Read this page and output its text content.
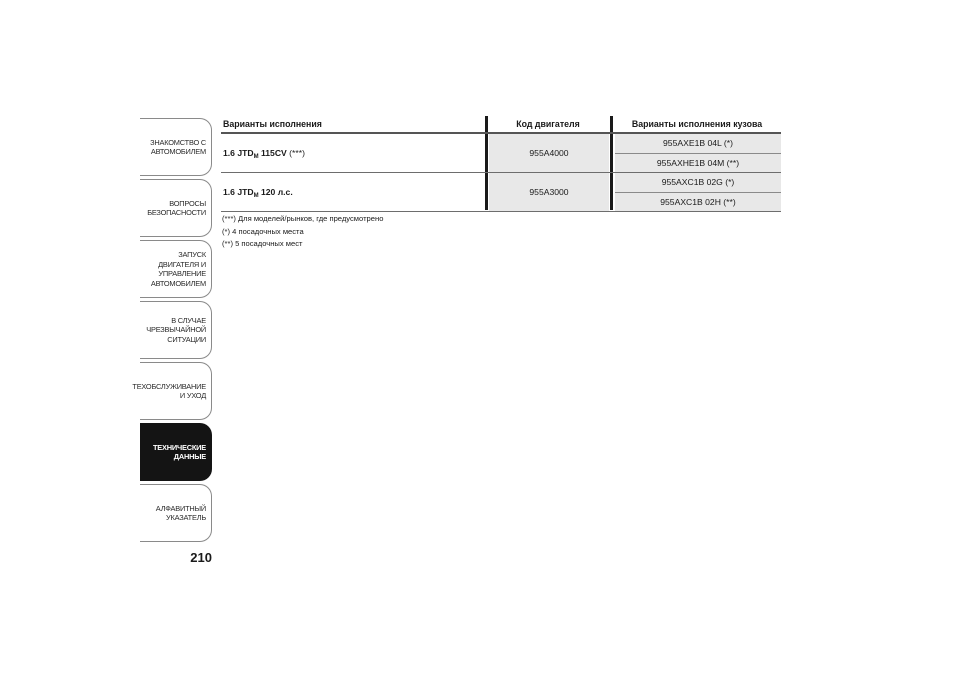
ЗНАКОМСТВО С
АВТОМОБИЛЕМ
ВОПРОСЫ
БЕЗОПАСНОСТИ
ЗАПУСК ДВИГАТЕЛЯ И
УПРАВЛЕНИЕ
АВТОМОБИЛЕМ
В СЛУЧАЕ
ЧРЕЗВЫЧАЙНОЙ
СИТУАЦИИ
ТЕХОБСЛУЖИВАНИЕ
И УХОД
ТЕХНИЧЕСКИЕ
ДАННЫЕ
АЛФАВИТНЫЙ
УКАЗАТЕЛЬ
210
Варианты исполнения	Код двигателя	Варианты исполнения кузова
1.6 $JTD_M$ 115CV (***)	955A4000
955AXE1B 04L (*)
955AXHE1B 04M (**)
1.6 $JTD_M$ 120 л.с.	955A3000
955AXC1B 02G (*)
955AXC1B 02H (**)
(***) Для моделей/рынков, где предусмотрено
(*) 4 посадочных места
(**) 5 посадочных мест
